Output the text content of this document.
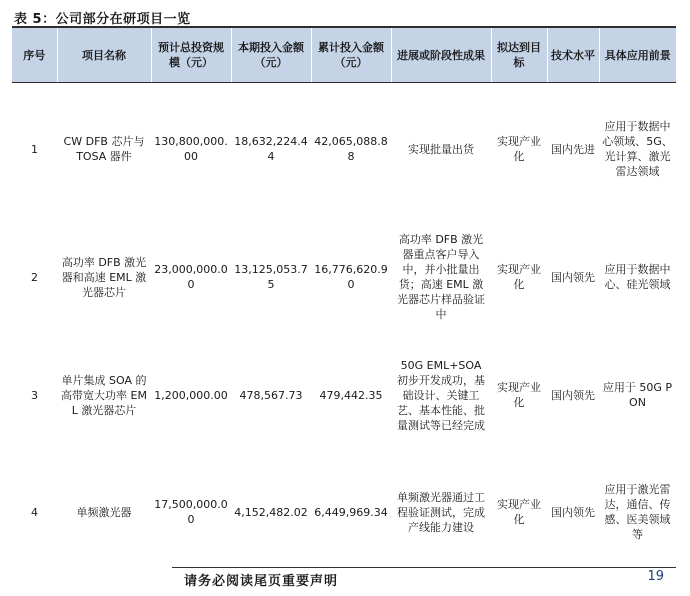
表 5：公司部分在研项目一览
序号	项目名称	预计总投资规模（元）	本期投入金额（元）	累计投入金额（元）	进展或阶段性成果	拟达到目标	技术水平	具体应用前景
1	CW DFB 芯片与 TOSA 器件	130,800,000.00	18,632,224.44	42,065,088.88	实现批量出货	实现产业化	国内先进	应用于数据中心领域、5G、光计算、激光雷达领域
2	高功率 DFB 激光器和高速 EML 激光器芯片	23,000,000.00	13,125,053.75	16,776,620.90	高功率 DFB 激光器重点客户导入中，并小批量出货；高速 EML 激光器芯片样品验证中	实现产业化	国内领先	应用于数据中心、硅光领域
3	单片集成 SOA 的高带宽大功率 EML 激光器芯片	1,200,000.00	478,567.73	479,442.35	50G EML+SOA 初步开发成功，基础设计、关键工艺、基本性能、批量测试等已经完成	实现产业化	国内领先	应用于 50G PON
4	单频激光器	17,500,000.00	4,152,482.02	6,449,969.34	单频激光器通过工程验证测试，完成产线能力建设	实现产业化	国内领先	应用于激光雷达，通信、传感、医美领域等
请务必阅读尾页重要声明	19
